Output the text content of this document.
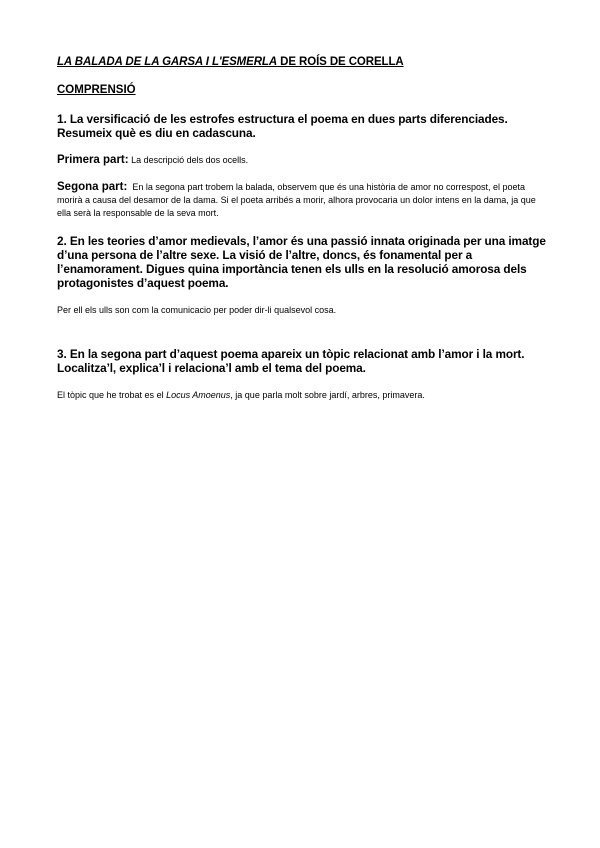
LA BALADA DE LA GARSA I L'ESMERLA DE ROÍS DE CORELLA

COMPRENSIÓ

1. La versificació de les estrofes estructura el poema en dues parts diferenciades. Resumeix què es diu en cadascuna.

Primera part: La descripció dels dos ocells.

Segona part: En la segona part trobem la balada, observem que és una història de amor no correspost, el poeta morirà a causa del desamor de la dama. Si el poeta arribés a morir, alhora provocaria un dolor intens en la dama, ja que ella serà la responsable de la seva mort.

2. En les teories d’amor medievals, l’amor és una passió innata originada per una imatge d’una persona de l’altre sexe. La visió de l’altre, doncs, és fonamental per a l’enamorament. Digues quina importància tenen els ulls en la resolució amorosa dels protagonistes d’aquest poema.

Per ell els ulls son com la comunicacio per poder dir-li qualsevol cosa.

3. En la segona part d’aquest poema apareix un tòpic relacionat amb l’amor i la mort. Localitza’l, explica’l i relaciona’l amb el tema del poema.

El tòpic que he trobat es el Locus Amoenus, ja que parla molt sobre jardí, arbres, primavera.
